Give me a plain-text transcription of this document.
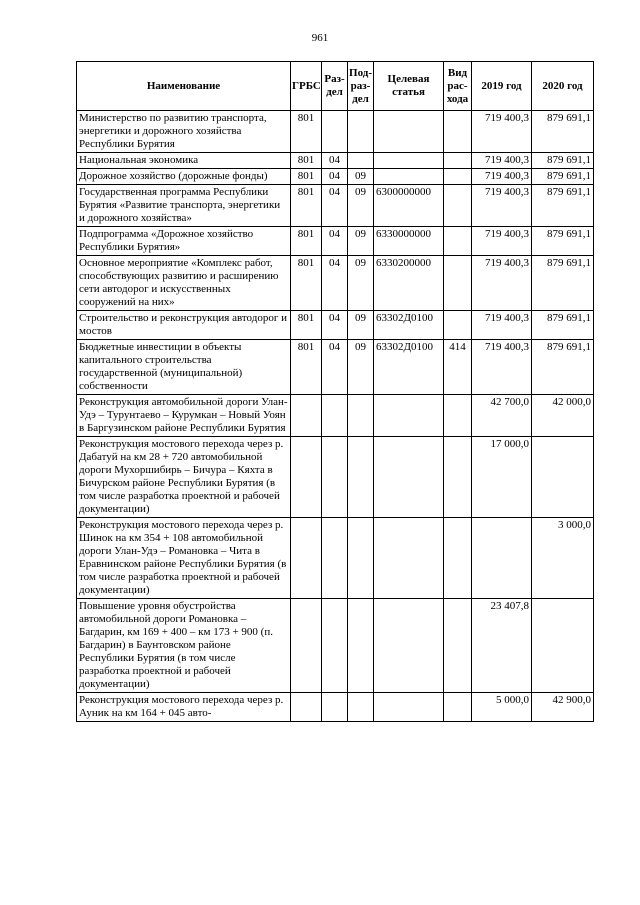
961
Наименование	ГРБС	Раз-дел	Под-раз-дел	Целевая статья	Вид рас-хода	2019 год	2020 год
Министерство по развитию транспорта, энергетики и дорожного хозяйства Республики Бурятия	801					719 400,3	879 691,1
Национальная экономика	801	04				719 400,3	879 691,1
Дорожное хозяйство (дорожные фонды)	801	04	09			719 400,3	879 691,1
Государственная программа Республики Бурятия «Развитие транспорта, энергетики и дорожного хозяйства»	801	04	09	6300000000		719 400,3	879 691,1
Подпрограмма «Дорожное хозяйство Республики Бурятия»	801	04	09	6330000000		719 400,3	879 691,1
Основное мероприятие «Комплекс работ, способствующих развитию и расширению сети автодорог и искусственных сооружений на них»	801	04	09	6330200000		719 400,3	879 691,1
Строительство и реконструкция автодорог и мостов	801	04	09	63302Д0100		719 400,3	879 691,1
Бюджетные инвестиции в объекты капитального строительства государственной (муниципальной) собственности	801	04	09	63302Д0100	414	719 400,3	879 691,1
Реконструкция автомобильной дороги Улан-Удэ – Турунтаево – Курумкан – Новый Уоян в Баргузинском районе Республики Бурятия						42 700,0	42 000,0
Реконструкция мостового перехода через р. Дабатуй на км 28 + 720 автомобильной дороги Мухоршибирь – Бичура – Кяхта в Бичурском районе Республики Бурятия (в том числе разработка проектной и рабочей документации)						17 000,0	
Реконструкция мостового перехода через р. Шинок на км 354 + 108 автомобильной дороги Улан-Удэ – Романовка – Чита в Еравнинском районе Республики Бурятия (в том числе разработка проектной и рабочей документации)							3 000,0
Повышение уровня обустройства автомобильной дороги Романовка – Багдарин, км 169 + 400 – км 173 + 900 (п. Багдарин) в Баунтовском районе Республики Бурятия (в том числе разработка проектной и рабочей документации)						23 407,8	
Реконструкция мостового перехода через р. Ауник на км 164 + 045 авто-						5 000,0	42 900,0
